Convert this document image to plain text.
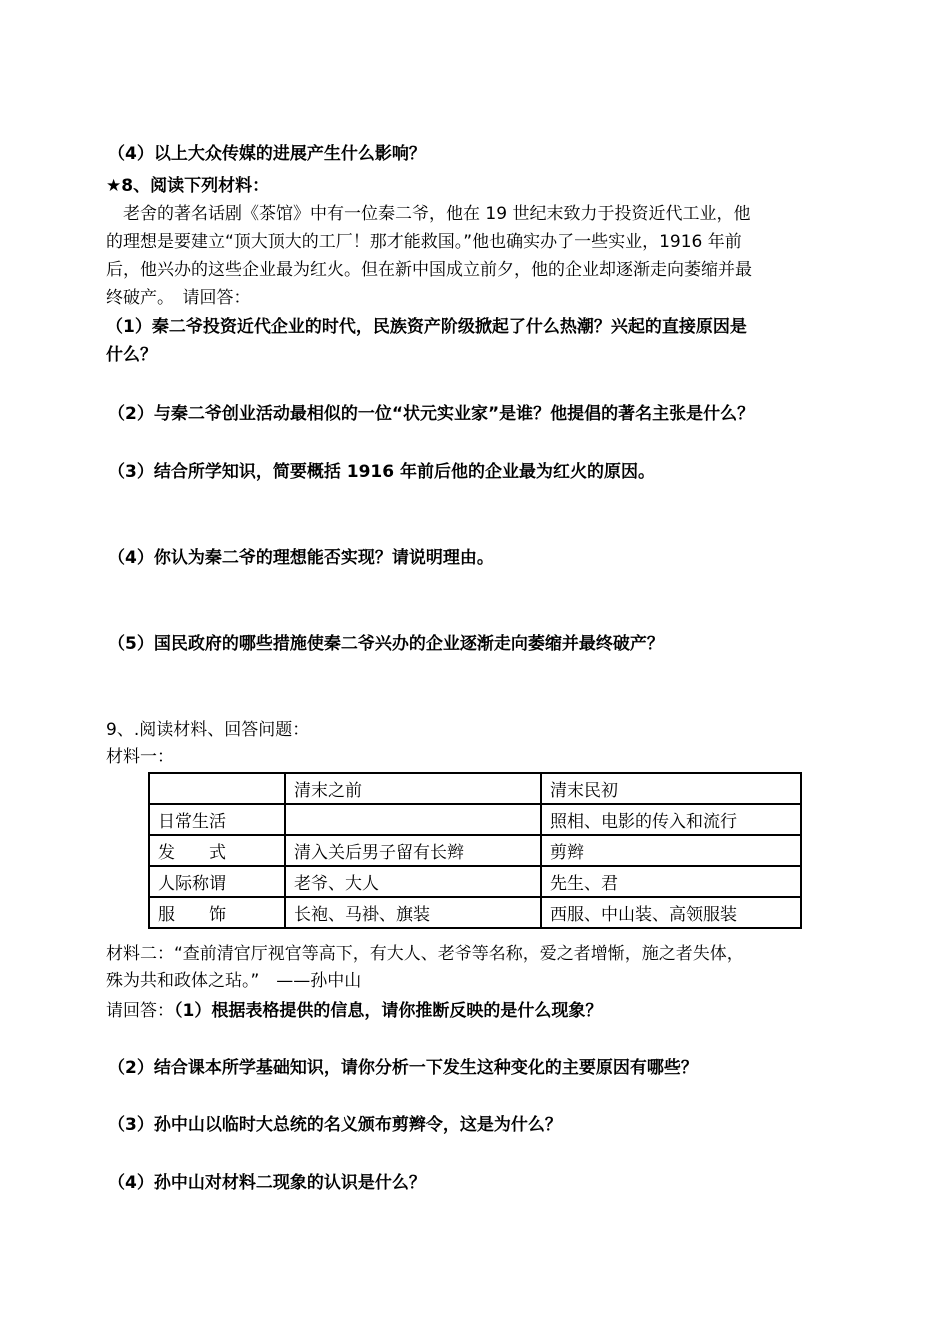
（4）以上大众传媒的进展产生什么影响？
★8、阅读下列材料：
　老舍的著名话剧《茶馆》中有一位秦二爷，他在 19 世纪末致力于投资近代工业，他
的理想是要建立“顶大顶大的工厂！那才能救国。”他也确实办了一些实业，1916 年前
后，他兴办的这些企业最为红火。但在新中国成立前夕，他的企业却逐渐走向萎缩并最
终破产。　请回答：
（1）秦二爷投资近代企业的时代，民族资产阶级掀起了什么热潮？兴起的直接原因是
什么？
（2）与秦二爷创业活动最相似的一位“状元实业家”是谁？他提倡的著名主张是什么？
（3）结合所学知识，简要概括 1916 年前后他的企业最为红火的原因。
（4）你认为秦二爷的理想能否实现？请说明理由。
（5）国民政府的哪些措施使秦二爷兴办的企业逐渐走向萎缩并最终破产？
9、.阅读材料、回答问题：
材料一：
	清末之前	清末民初
日常生活		照相、电影的传入和流行
发　　式	清入关后男子留有长辫	剪辫
人际称谓	老爷、大人	先生、君
服　　饰	长袍、马褂、旗装	西服、中山装、高领服装
材料二：“查前清官厅视官等高下，有大人、老爷等名称，爱之者增惭，施之者失体，
殊为共和政体之玷。”　——孙中山
请回答：（1）根据表格提供的信息，请你推断反映的是什么现象？
（2）结合课本所学基础知识，请你分析一下发生这种变化的主要原因有哪些？
（3）孙中山以临时大总统的名义颁布剪辫令，这是为什么？
（4）孙中山对材料二现象的认识是什么？
